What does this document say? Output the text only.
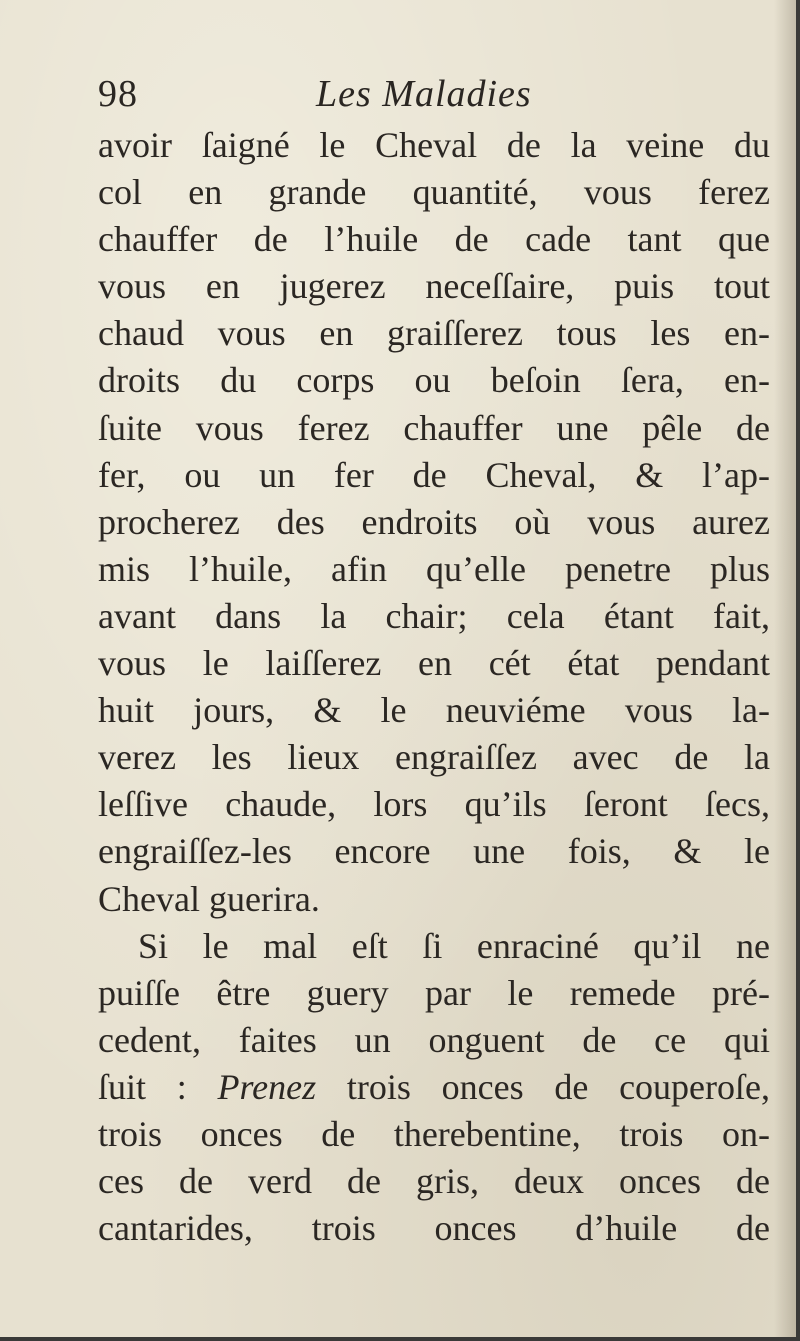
98	Les Maladies
avoir ſaigné le Cheval de la veine du
col en grande quantité, vous ferez
chauffer de l’huile de cade tant que
vous en jugerez neceſſaire, puis tout
chaud vous en graiſſerez tous les en-
droits du corps ou beſoin ſera, en-
ſuite vous ferez chauffer une pêle de
fer, ou un fer de Cheval, & l’ap-
procherez des endroits où vous aurez
mis l’huile, afin qu’elle penetre plus
avant dans la chair; cela étant fait,
vous le laiſſerez en cét état pendant
huit jours, & le neuviéme vous la-
verez les lieux engraiſſez avec de la
leſſive chaude, lors qu’ils ſeront ſecs,
engraiſſez-les encore une fois, & le
Cheval guerira.
Si le mal eſt ſi enraciné qu’il ne
puiſſe être guery par le remede pré-
cedent, faites un onguent de ce qui
ſuit : Prenez trois onces de couperoſe,
trois onces de therebentine, trois on-
ces de verd de gris, deux onces de
cantarides, trois onces d’huile de
